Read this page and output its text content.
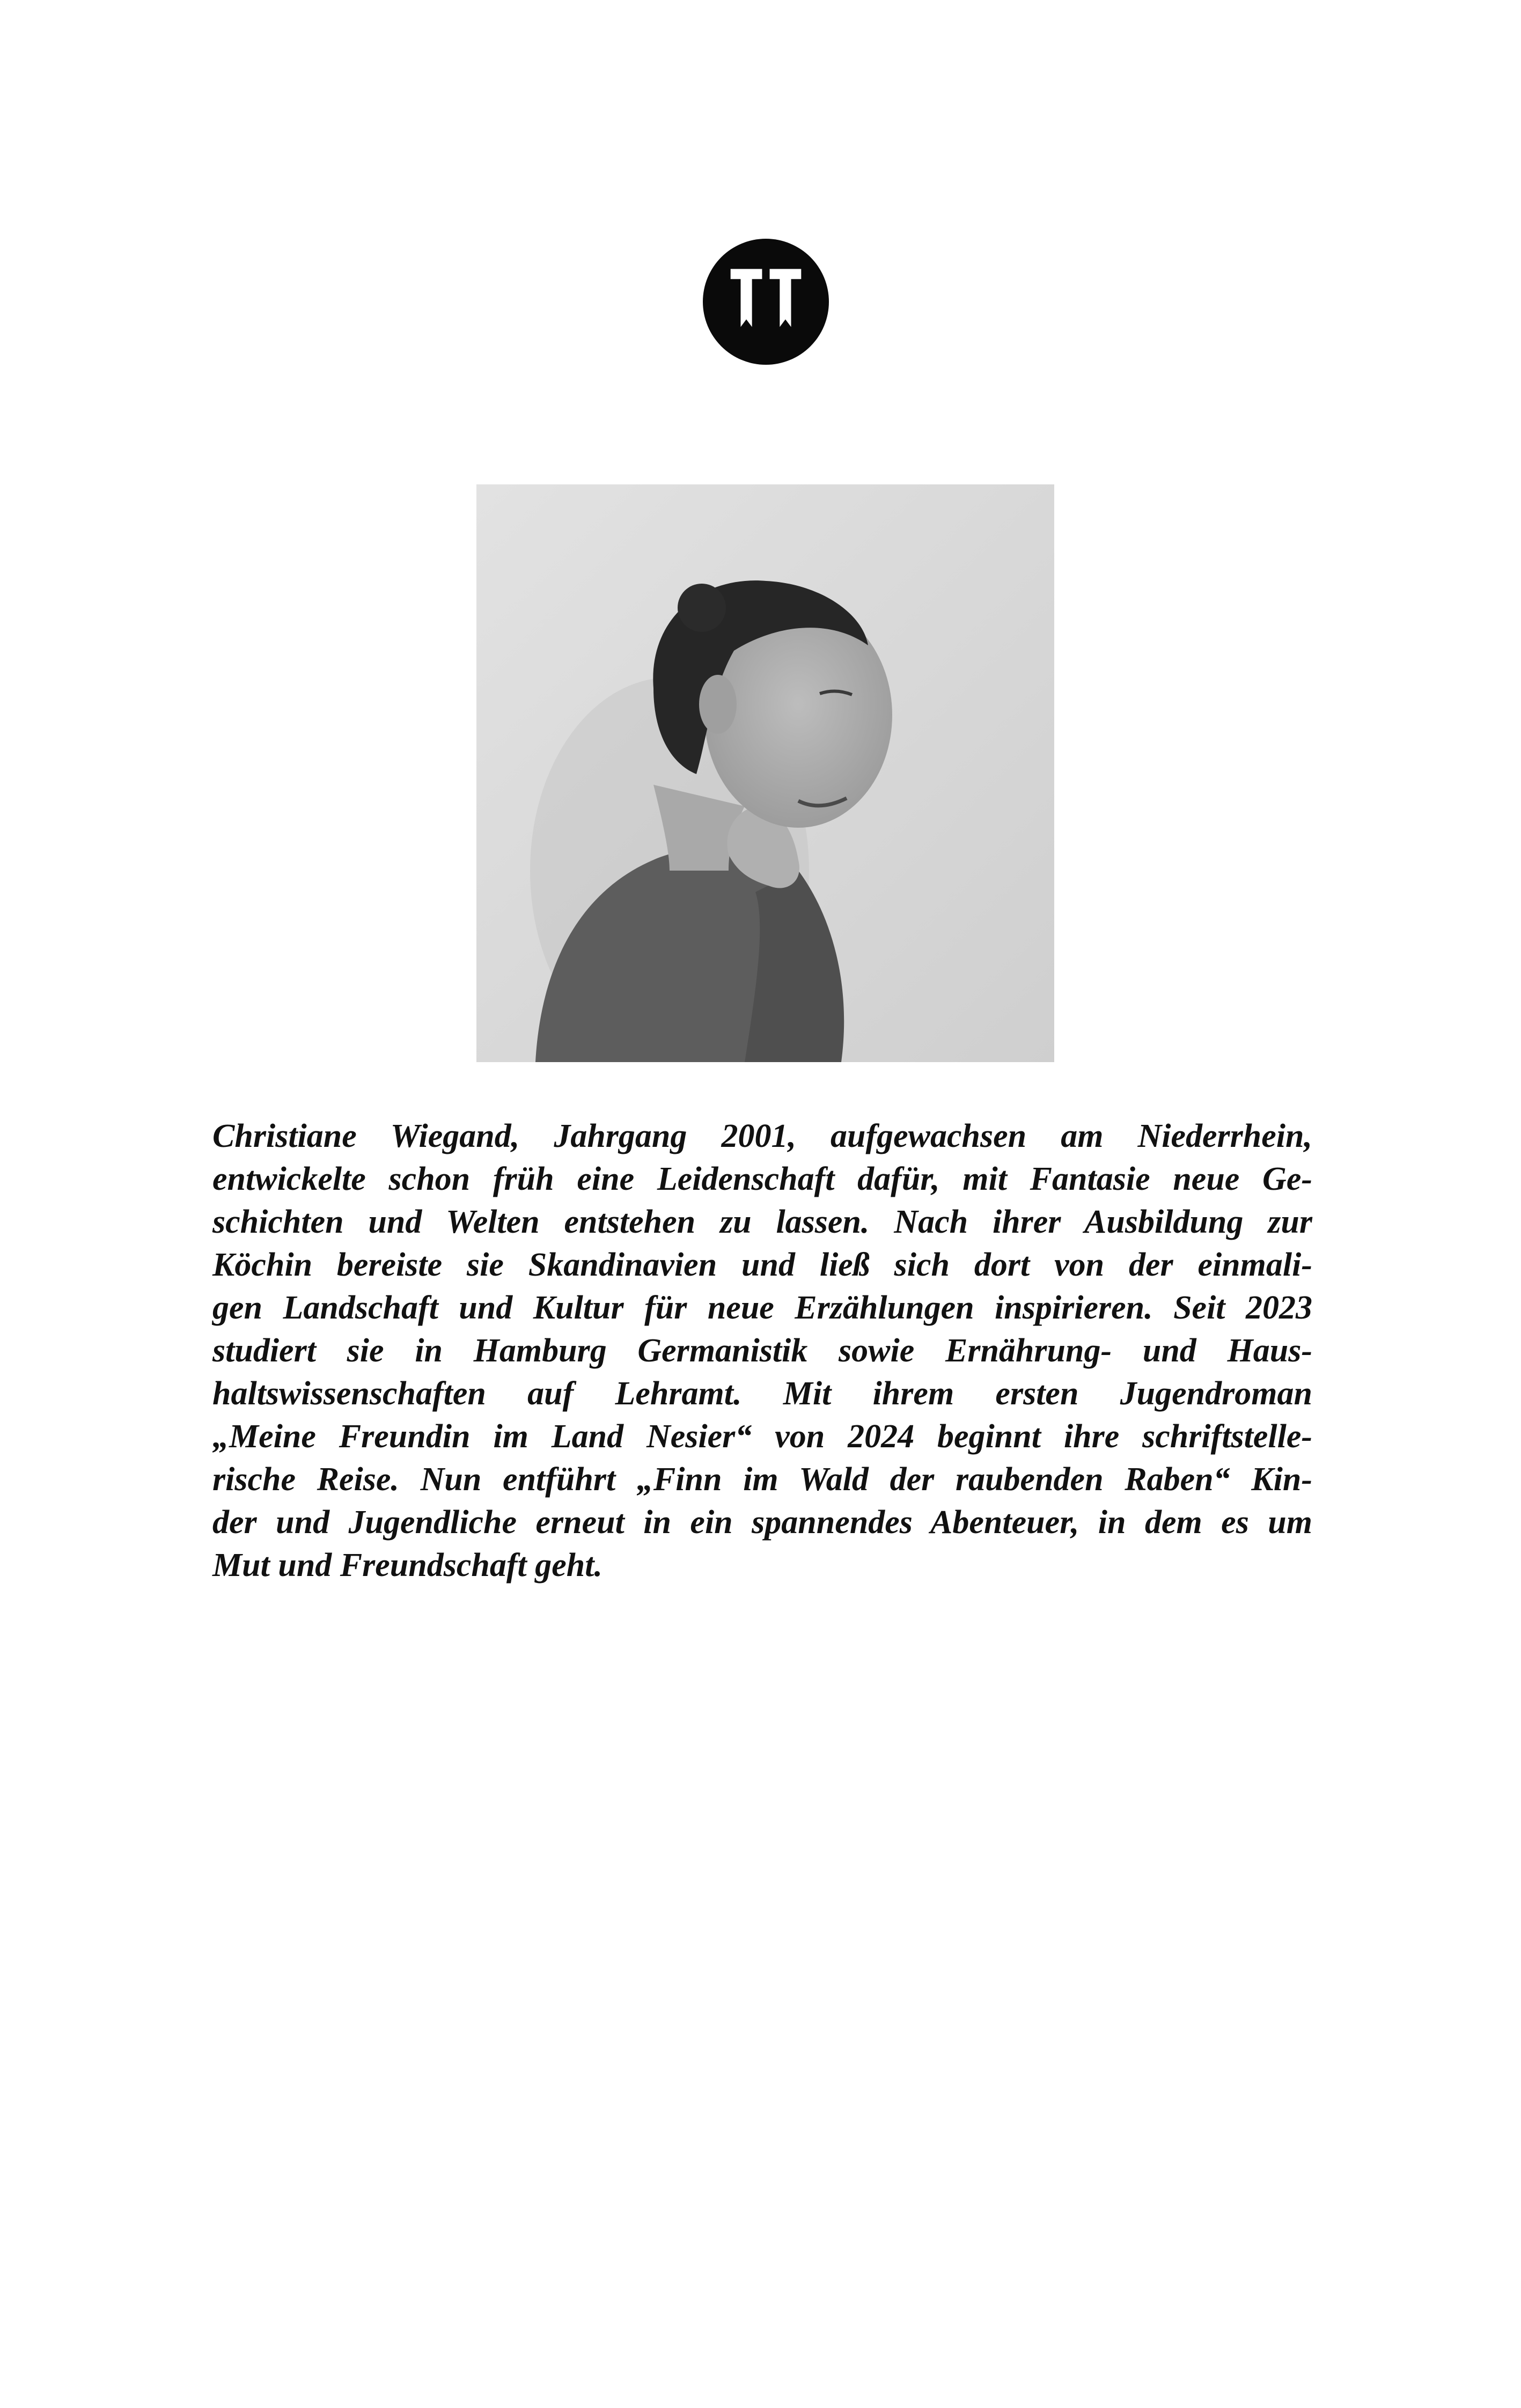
Christiane Wiegand, Jahrgang 2001, aufgewachsen am Niederrhein,
entwickelte schon früh eine Leidenschaft dafür, mit Fantasie neue Ge-
schichten und Welten entstehen zu lassen. Nach ihrer Ausbildung zur
Köchin bereiste sie Skandinavien und ließ sich dort von der einmali-
gen Landschaft und Kultur für neue Erzählungen inspirieren. Seit 2023
studiert sie in Hamburg Germanistik sowie Ernährung- und Haus-
haltswissenschaften auf Lehramt. Mit ihrem ersten Jugendroman
„Meine Freundin im Land Nesier“ von 2024 beginnt ihre schriftstelle-
rische Reise. Nun entführt „Finn im Wald der raubenden Raben“ Kin-
der und Jugendliche erneut in ein spannendes Abenteuer, in dem es um
Mut und Freundschaft geht.
